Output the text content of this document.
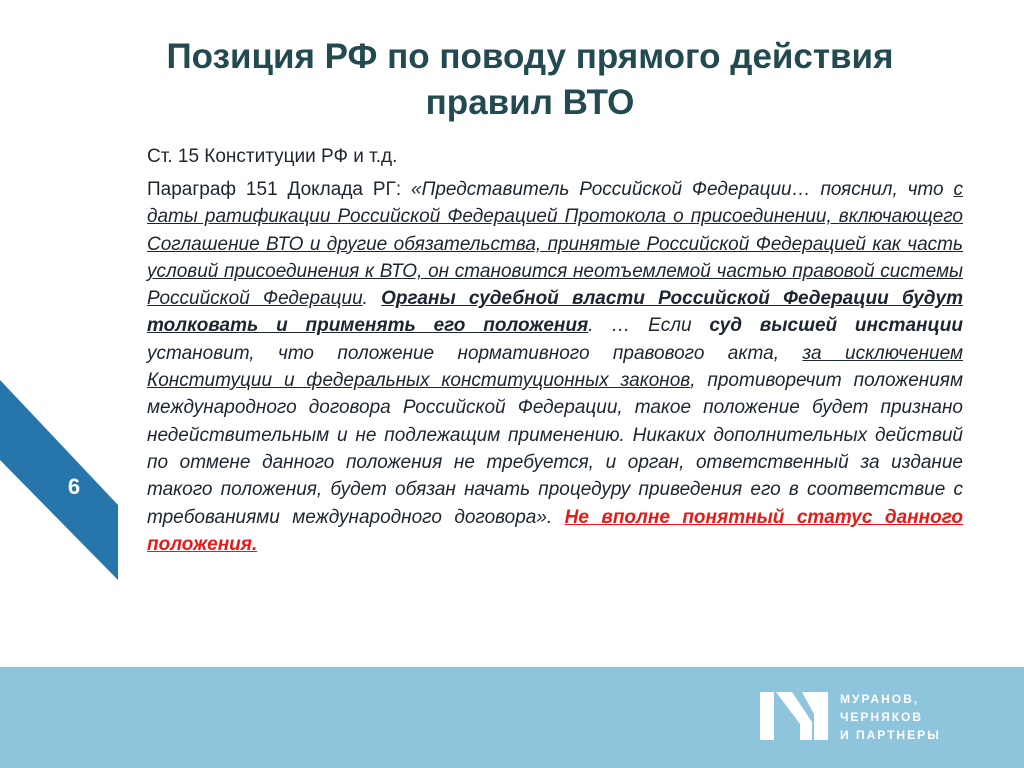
Позиция РФ по поводу прямого действия
правил ВТО
Ст. 15 Конституции РФ и т.д.
Параграф 151 Доклада РГ: «Представитель Российской Федерации… пояснил, что с даты ратификации Российской Федерацией Протокола о присоединении, включающего Соглашение ВТО и другие обязательства, принятые Российской Федерацией как часть условий присоединения к ВТО, он становится неотъемлемой частью правовой системы Российской Федерации. Органы судебной власти Российской Федерации будут толковать и применять его положения. … Если суд высшей инстанции установит, что положение нормативного правового акта, за исключением Конституции и федеральных конституционных законов, противоречит положениям международного договора Российской Федерации, такое положение будет признано недействительным и не подлежащим применению. Никаких дополнительных действий по отмене данного положения не требуется, и орган, ответственный за издание такого положения, будет обязан начать процедуру приведения его в соответствие с требованиями международного договора». Не вполне понятный статус данного положения.
6
МУРАНОВ,
ЧЕРНЯКОВ
И ПАРТНЕРЫ
